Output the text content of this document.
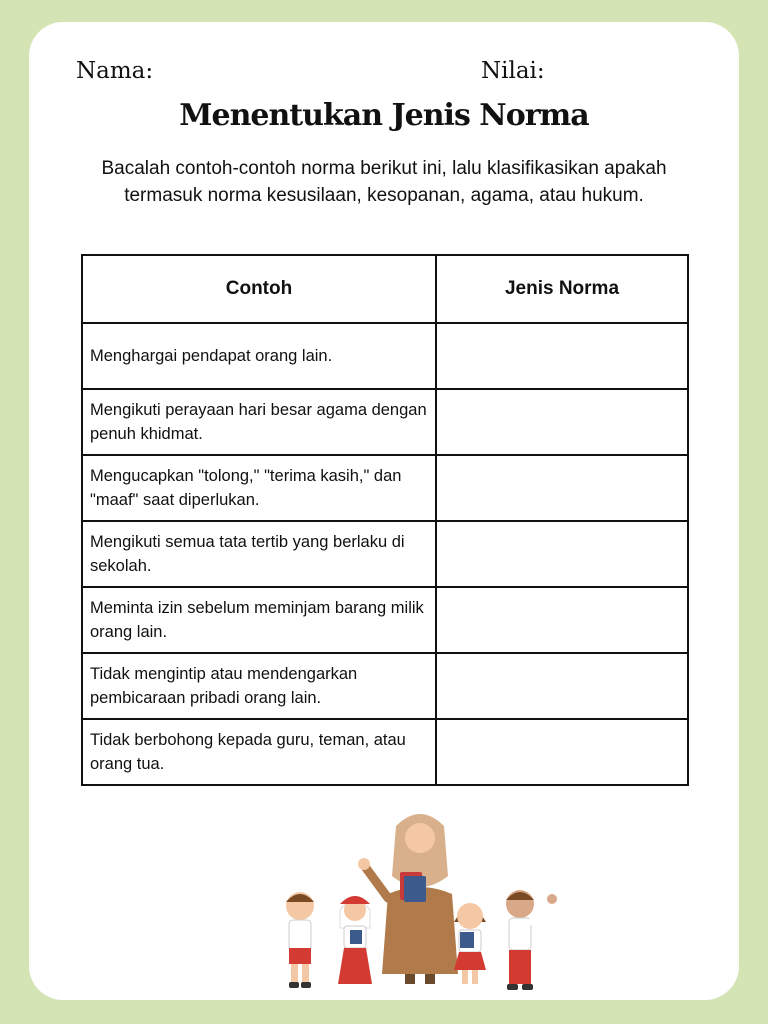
Nama:	Nilai:
Menentukan Jenis Norma
Bacalah contoh-contoh norma berikut ini, lalu klasifikasikan apakah termasuk norma kesusilaan, kesopanan, agama, atau hukum.
Contoh	Jenis Norma
Menghargai pendapat orang lain.	
Mengikuti perayaan hari besar agama dengan penuh khidmat.	
Mengucapkan "tolong," "terima kasih," dan "maaf" saat diperlukan.	
Mengikuti semua tata tertib yang berlaku di sekolah.	
Meminta izin sebelum meminjam barang milik orang lain.	
Tidak mengintip atau mendengarkan pembicaraan pribadi orang lain.	
Tidak berbohong kepada guru, teman, atau orang tua.	
